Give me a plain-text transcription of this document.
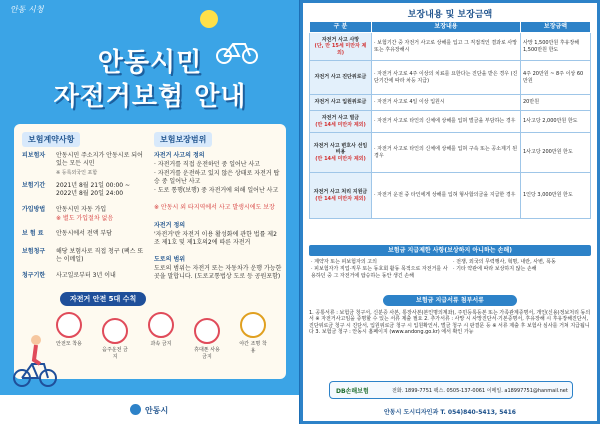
안동 시청
안동시민
자전거보험 안내
보험계약사항
피보험자 안동시민 주소지가 안동시로 되어있는 모든 시민
※ 등록외국인 포함
보험기간 2021년 8월 21일 00:00 ~ 2022년 8월 20일 24:00
가입방법 안동시민 자동 가입
※ 별도 가입절차 없음
보 험 료 안동시에서 전액 부담
보험청구 해당 보험사로 직접 청구 (팩스 또는 이메일)
청구기한 사고일로부터 3년 이내
보험보장범위
자전거 사고의 정의
· 자전거를 직접 운전하던 중 일어난 사고
· 자전거를 운전하고 있지 않은 상태로 자전거 탑승 중 일어난 사고
· 도로 통행(보행) 중 자전거에 의해 일어난 사고
※ 안동시 외 타지역에서 사고 발생시에도 보장
자전거 정의
'자전거'란 자전거 이용 활성화에 관한 법률 제2조 제1호 및 제1호의2에 따른 자전거
도로의 범위
도로의 범위는 자전거 또는 자동차가 운행 가능한 곳을 말합니다. (도로교통법상 도로 등 공원포함)
자전거 안전 5대 수칙
안전모 착용
음주운전 금지
과속 금지
휴대폰 사용 금지
야간 조명 착용
안동시
보장내용 및 보장금액
구 분	보장내용	보장금액
자전거 사고 사망
(단, 만 15세 미만자 제외)	· 보험기간 중 자전거 사고로 상해를 입고 그 직접적인 결과로 사망 또는 후유장해시	사망 1,500만원 후유장해 1,500만원 한도
자전거 사고 진단위로금	· 자전거 사고로 4주 이상의 치료를 요한다는 진단을 받은 경우 (진단기간에 따라 차등 지급)	4주 20만원 ~ 8주 이상 60만원
자전거 사고 입원위로금	· 자전거 사고로 4일 이상 입원시	20만원
자전거 사고 벌금
(만 14세 미만자 제외)	· 자전거 사고로 타인의 신체에 상해를 입혀 벌금을 부담하는 경우	1사고당 2,000만원 한도
자전거 사고 변호사 선임비용
(만 14세 미만자 제외)	· 자전거 사고로 타인의 신체에 상해를 입혀 구속 또는 공소제기 된 경우	1사고당 200만원 한도
자전거 사고 처리 지원금
(만 14세 미만자 제외)	· 자전거 운전 중 타인에게 상해를 입혀 형사합의금을 지급한 경우	1인당 3,000만원 한도
보험금 지급제한 사항(보상하지 아니하는 손해)
· 계약자 또는 피보험자의 고의
· 피보험자가 직업·직무 또는 동호회 활동 목적으로 자전거를 사용하던 중 그 자전거에 탑승하는 동안 생긴 손해
· 전쟁, 외국의 무력행사, 혁명, 내란, 사변, 폭동
· 기타 약관에 따라 보상하지 않는 손해
보험금 지급서류 첨부서류
1. 공통서류 : 보험금 청구서, 신분증 사본, 통장사본(본인명의계좌), 주민등록등본 또는 가족관계증명서, 개인(신용)정보처리 동의서 ※ 자전거사고임을 증명할 수 있는 서류 제출 필요 2. 추가서류 : 사망 시 사망진단서·기본증명서, 후유장해 시 후유장해진단서, 진단위로금 청구 시 진단서, 입원위로금 청구 시 입원확인서, 벌금 청구 시 판결문 등 ※ 서류 제출 후 보험사 심사를 거쳐 지급됩니다 3. 보험금 청구 : 안동시 홈페이지 (www.andong.go.kr) 에서 확인 가능
DB손해보험	전화. 1899-7751 팩스. 0505-137-0061 이메일. a18997751@hanmail.net
안동시 도시디자인과 T. 054)840-5413, 5416
